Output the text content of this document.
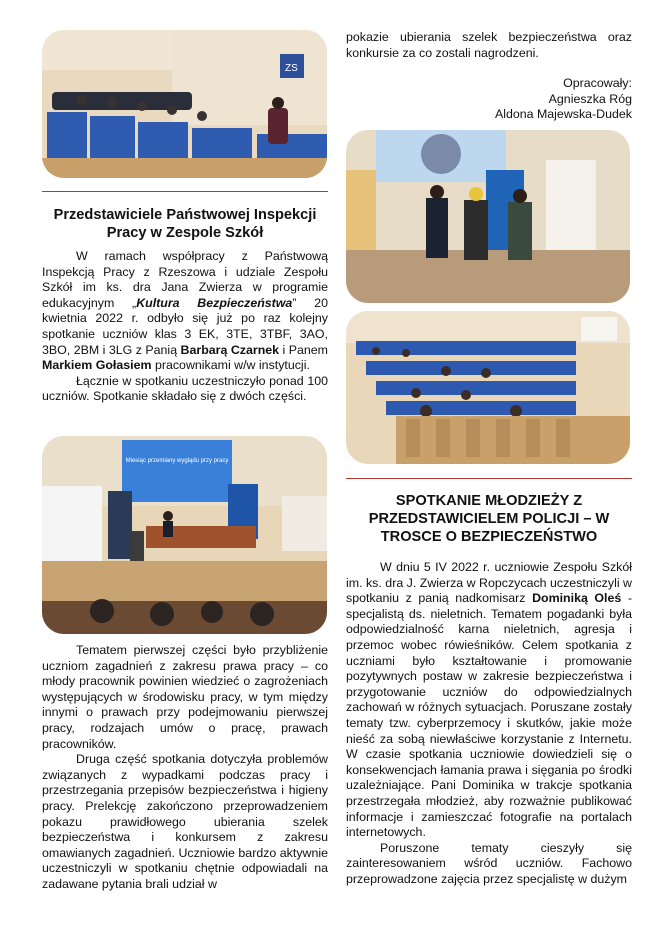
ZS
Przedstawiciele Państwowej Inspekcji Pracy w Zespole Szkół

W ramach współpracy z Państwową Inspekcją Pracy z Rzeszowa i udziale Zespołu Szkół im ks. dra Jana Zwierza w programie edukacyjnym „Kultura Bezpieczeństwa” 20 kwietnia 2022 r. odbyło się już po raz kolejny spotkanie uczniów klas 3 EK, 3TE, 3TBF, 3AO, 3BO, 2BM i 3LG z Panią Barbarą Czarnek i Panem Markiem Gołasiem pracownikami w/w instytucji.

Łącznie w spotkaniu uczestniczyło ponad 100 uczniów. Spotkanie składało się z dwóch części.

Miesiąc przemiany wyglądu przy pracy

Tematem pierwszej części było przybliżenie uczniom zagadnień z zakresu prawa pracy – co młody pracownik powinien wiedzieć o zagrożeniach występujących w środowisku pracy, w tym między innymi o prawach przy podejmowaniu pierwszej pracy, rodzajach umów o pracę, prawach pracowników.

Druga część spotkania dotyczyła problemów związanych z wypadkami podczas pracy i przestrzegania przepisów bezpieczeństwa i higieny pracy. Prelekcję zakończono przeprowadzeniem pokazu prawidłowego ubierania szelek bezpieczeństwa i konkursem z zakresu omawianych zagadnień. Uczniowie bardzo aktywnie uczestniczyli w spotkaniu chętnie odpowiadali na zadawane pytania brali udział w

pokazie ubierania szelek bezpieczeństwa oraz konkursie za co zostali nagrodzeni.

Opracowały:

Agnieszka Róg

Aldona Majewska-Dudek

SPOTKANIE MŁODZIEŻY Z PRZEDSTAWICIELEM POLICJI – W TROSCE O BEZPIECZEŃSTWO

W dniu 5 IV 2022 r. uczniowie Zespołu Szkół im. ks. dra J. Zwierza w Ropczycach uczestniczyli w spotkaniu z panią nadkomisarz Dominiką Oleś - specjalistą ds. nieletnich. Tematem pogadanki była odpowiedzialność karna nieletnich, agresja i przemoc wobec rówieśników. Celem spotkania z uczniami było kształtowanie i promowanie pozytywnych postaw w zakresie bezpieczeństwa i przygotowanie uczniów do odpowiedzialnych zachowań w różnych sytuacjach. Poruszane zostały tematy tzw. cyberprzemocy i skutków, jakie może nieść za sobą niewłaściwe korzystanie z Internetu. W czasie spotkania uczniowie dowiedzieli się o konsekwencjach łamania prawa i sięgania po środki uzależniające. Pani Dominika w trakcje spotkania przestrzegała młodzież, aby rozważnie publikować informacje i zamieszczać fotografie na portalach internetowych.

Poruszone tematy cieszyły się zainteresowaniem wśród uczniów. Fachowo przeprowadzone zajęcia przez specjalistę w dużym
